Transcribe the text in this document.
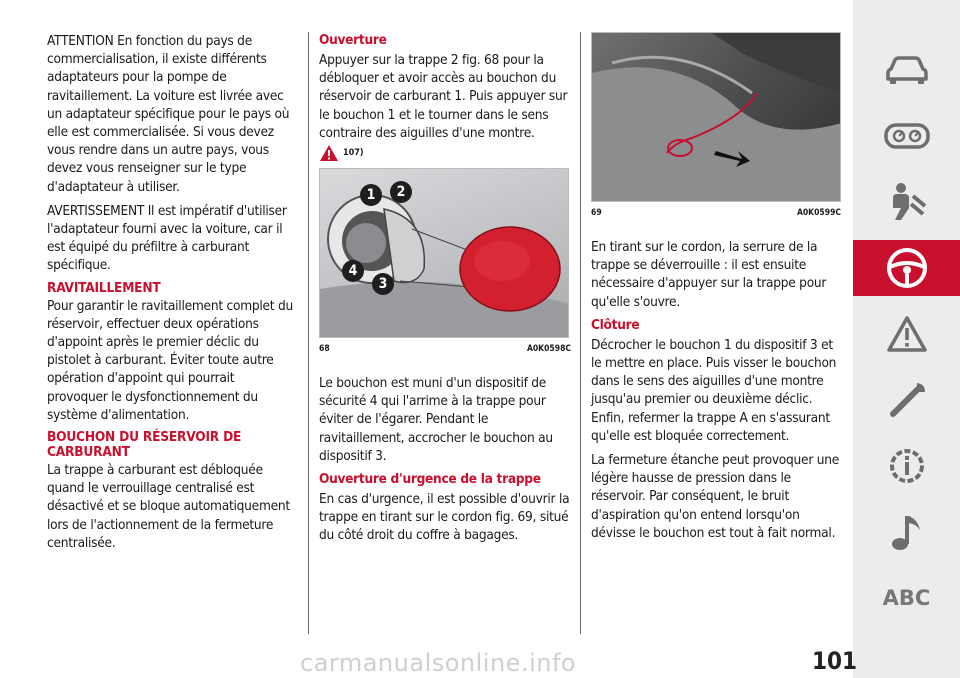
ATTENTION En fonction du pays de commercialisation, il existe différents adaptateurs pour la pompe de ravitaillement. La voiture est livrée avec un adaptateur spécifique pour le pays où elle est commercialisée. Si vous devez vous rendre dans un autre pays, vous devez vous renseigner sur le type d'adaptateur à utiliser.

AVERTISSEMENT Il est impératif d'utiliser l'adaptateur fourni avec la voiture, car il est équipé du préfiltre à carburant spécifique.

RAVITAILLEMENT

Pour garantir le ravitaillement complet du réservoir, effectuer deux opérations d'appoint après le premier déclic du pistolet à carburant. Éviter toute autre opération d'appoint qui pourrait provoquer le dysfonctionnement du système d'alimentation.

BOUCHON DU RÉSERVOIR DE CARBURANT

La trappe à carburant est débloquée quand le verrouillage centralisé est désactivé et se bloque automatiquement lors de l'actionnement de la fermeture centralisée.

Ouverture

Appuyer sur la trappe 2 fig. 68 pour la débloquer et avoir accès au bouchon du réservoir de carburant 1. Puis appuyer sur le bouchon 1 et le tourner dans le sens contraire des aiguilles d'une montre.

107)
1	2
3
4
68	A0K0598C

Le bouchon est muni d'un dispositif de sécurité 4 qui l'arrime à la trappe pour éviter de l'égarer. Pendant le ravitaillement, accrocher le bouchon au dispositif 3.

Ouverture d'urgence de la trappe

En cas d'urgence, il est possible d'ouvrir la trappe en tirant sur le cordon fig. 69, situé du côté droit du coffre à bagages.

69	A0K0599C

En tirant sur le cordon, la serrure de la trappe se déverrouille : il est ensuite nécessaire d'appuyer sur la trappe pour qu'elle s'ouvre.

Clôture

Décrocher le bouchon 1 du dispositif 3 et le mettre en place. Puis visser le bouchon dans le sens des aiguilles d'une montre jusqu'au premier ou deuxième déclic. Enfin, refermer la trappe A en s'assurant qu'elle est bloquée correctement.

La fermeture étanche peut provoquer une légère hausse de pression dans le réservoir. Par conséquent, le bruit d'aspiration qu'on entend lorsqu'on dévisse le bouchon est tout à fait normal.

ABC
carmanualsonline.info	101
